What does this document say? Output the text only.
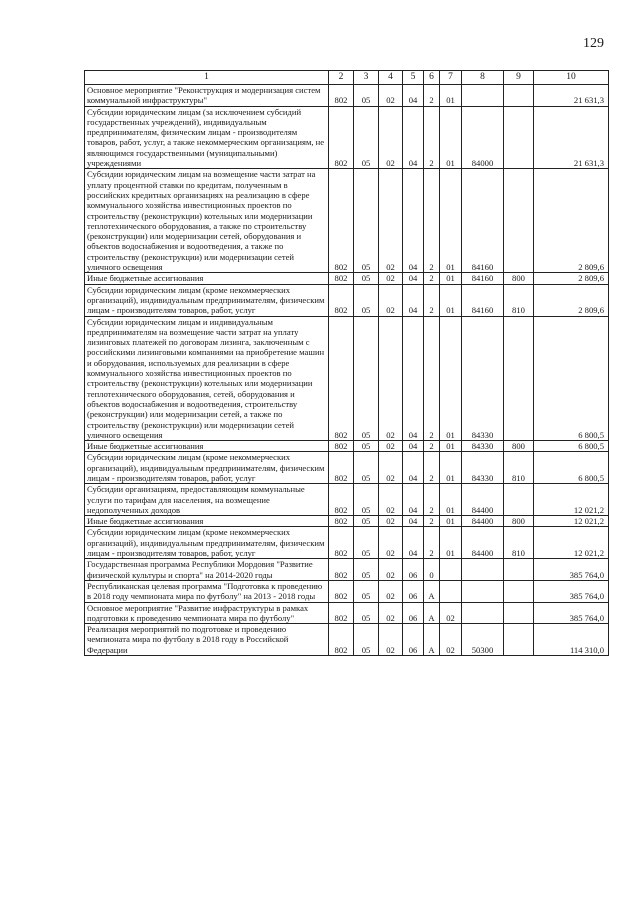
129
1	2	3	4	5	6	7	8	9	10
Основное мероприятие "Реконструкция и модернизация систем коммунальной инфраструктуры"	802	05	02	04	2	01			21 631,3
Субсидии юридическим лицам (за исключением субсидий государственных учреждений), индивидуальным предпринимателям, физическим лицам - производителям товаров, работ, услуг, а также некоммерческим организациям, не являющимся государственными (муниципальными) учреждениями	802	05	02	04	2	01	84000		21 631,3
Субсидии юридическим лицам на возмещение части затрат на уплату процентной ставки по кредитам, полученным в российских кредитных организациях на реализацию в сфере коммунального хозяйства инвестиционных проектов по строительству (реконструкции) котельных или модернизации теплотехнического оборудования, а также по строительству (реконструкции) или модернизации сетей, оборудования и объектов водоснабжения и водоотведения, а также по строительству (реконструкции) или модернизации сетей уличного освещения	802	05	02	04	2	01	84160		2 809,6
Иные бюджетные ассигнования	802	05	02	04	2	01	84160	800	2 809,6
Субсидии юридическим лицам (кроме некоммерческих организаций), индивидуальным предпринимателям, физическим лицам - производителям товаров, работ, услуг	802	05	02	04	2	01	84160	810	2 809,6
Субсидии юридическим лицам и индивидуальным предпринимателям на возмещение части затрат на уплату лизинговых платежей по договорам лизинга, заключенным с российскими лизинговыми компаниями на приобретение машин и оборудования, используемых для реализации в сфере коммунального хозяйства инвестиционных проектов по строительству (реконструкции) котельных или модернизации теплотехнического оборудования, сетей, оборудования и объектов водоснабжения и водоотведения, строительству (реконструкции) или модернизации сетей, а также по строительству (реконструкции) или модернизации сетей уличного освещения	802	05	02	04	2	01	84330		6 800,5
Иные бюджетные ассигнования	802	05	02	04	2	01	84330	800	6 800,5
Субсидии юридическим лицам (кроме некоммерческих организаций), индивидуальным предпринимателям, физическим лицам - производителям товаров, работ, услуг	802	05	02	04	2	01	84330	810	6 800,5
Субсидии организациям, предоставляющим коммунальные услуги по тарифам для населения, на возмещение недополученных доходов	802	05	02	04	2	01	84400		12 021,2
Иные бюджетные ассигнования	802	05	02	04	2	01	84400	800	12 021,2
Субсидии юридическим лицам (кроме некоммерческих организаций), индивидуальным предпринимателям, физическим лицам - производителям товаров, работ, услуг	802	05	02	04	2	01	84400	810	12 021,2
Государственная программа Республики Мордовия "Развитие физической культуры и спорта" на 2014-2020 годы	802	05	02	06	0				385 764,0
Республиканская целевая программа "Подготовка к проведению в 2018 году чемпионата мира по футболу" на 2013 - 2018 годы	802	05	02	06	А				385 764,0
Основное мероприятие "Развитие инфраструктуры в рамках подготовки к проведению чемпионата мира по футболу"	802	05	02	06	А	02			385 764,0
Реализация мероприятий по подготовке и проведению чемпионата мира по футболу в 2018 году в Российской Федерации	802	05	02	06	А	02	50300		114 310,0
